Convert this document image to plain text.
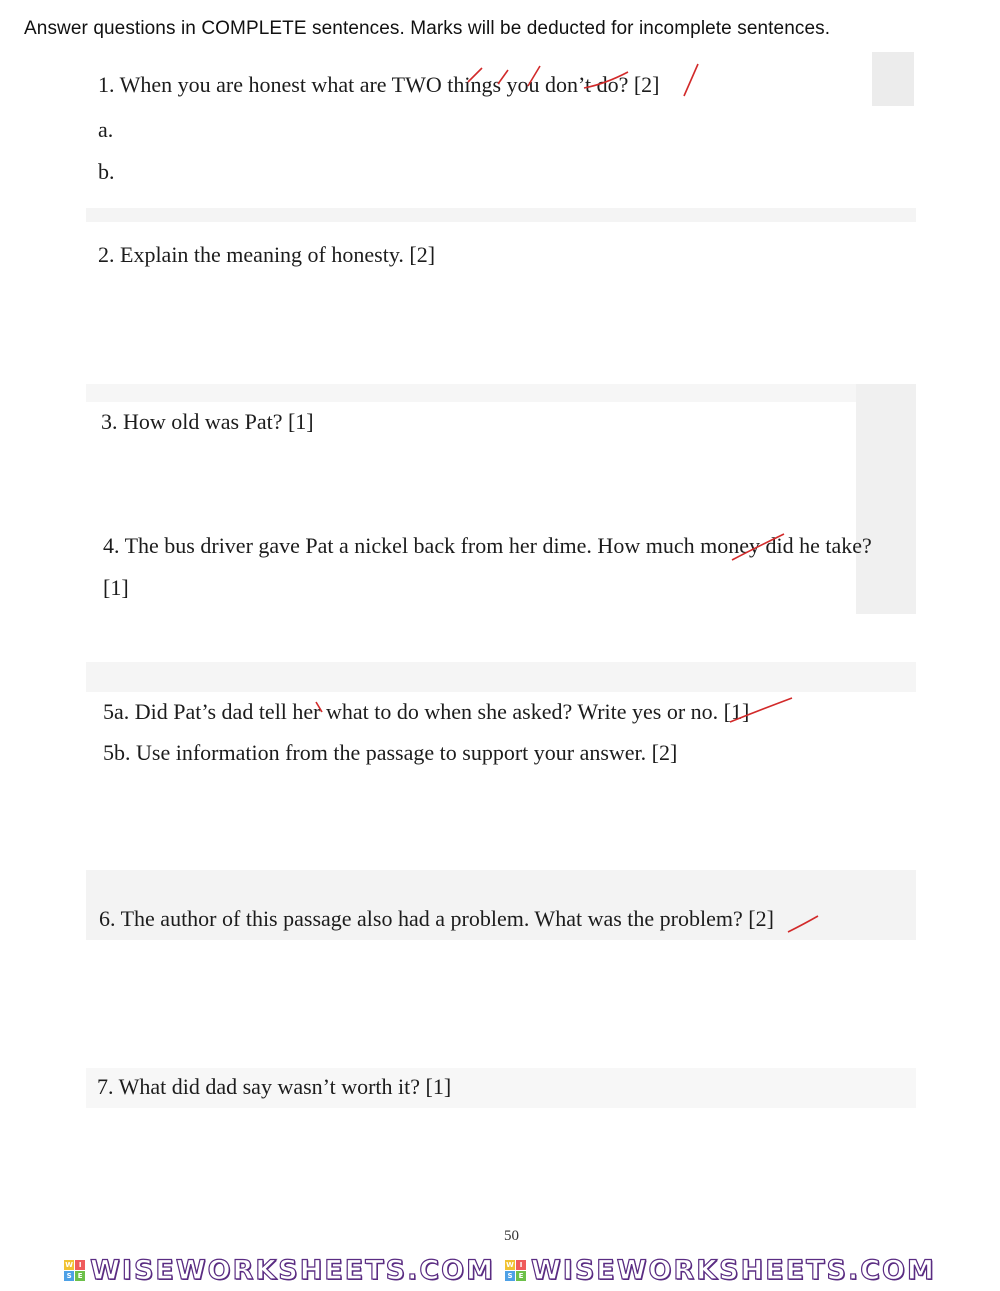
Answer questions in COMPLETE sentences. Marks will be deducted for incomplete sentences.
1. When you are honest what are TWO things you don’t do? [2]
a.
b.
2. Explain the meaning of honesty. [2]
3. How old was Pat? [1]
4. The bus driver gave Pat a nickel back from her dime. How much money did he take?
[1]
5a. Did Pat’s dad tell her what to do when she asked? Write yes or no. [1]
5b. Use information from the passage to support your answer. [2]
6. The author of this passage also had a problem. What was the problem? [2]
7. What did dad say wasn’t worth it? [1]
50
W I
S E WISEWORKSHEETS.COM W I
S E WISEWORKSHEETS.COM
